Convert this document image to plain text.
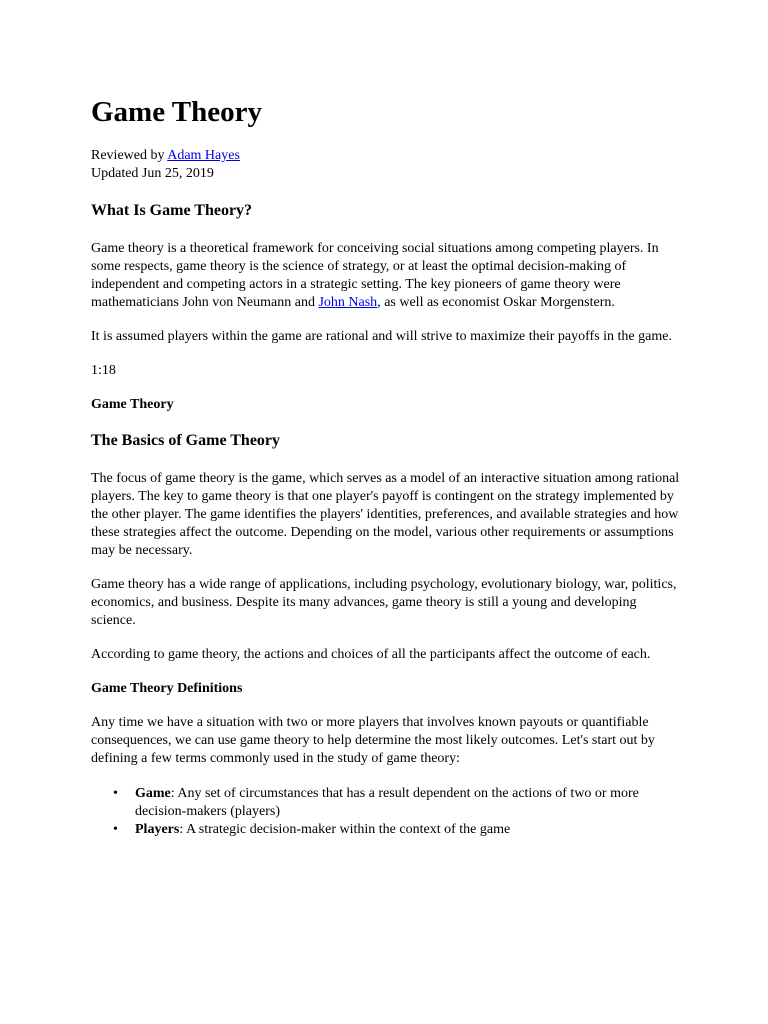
Game Theory
Reviewed by Adam Hayes
Updated Jun 25, 2019
What Is Game Theory?

Game theory is a theoretical framework for conceiving social situations among competing players. In some respects, game theory is the science of strategy, or at least the optimal decision-making of independent and competing actors in a strategic setting. The key pioneers of game theory were mathematicians John von Neumann and John Nash, as well as economist Oskar Morgenstern.

It is assumed players within the game are rational and will strive to maximize their payoffs in the game.

1:18

Game Theory
The Basics of Game Theory

The focus of game theory is the game, which serves as a model of an interactive situation among rational players. The key to game theory is that one player's payoff is contingent on the strategy implemented by the other player. The game identifies the players' identities, preferences, and available strategies and how these strategies affect the outcome. Depending on the model, various other requirements or assumptions may be necessary.

Game theory has a wide range of applications, including psychology, evolutionary biology, war, politics, economics, and business. Despite its many advances, game theory is still a young and developing science.

According to game theory, the actions and choices of all the participants affect the outcome of each.

Game Theory Definitions

Any time we have a situation with two or more players that involves known payouts or quantifiable consequences, we can use game theory to help determine the most likely outcomes. Let's start out by defining a few terms commonly used in the study of game theory:

• Game: Any set of circumstances that has a result dependent on the actions of two or more decision-makers (players)
• Players: A strategic decision-maker within the context of the game
